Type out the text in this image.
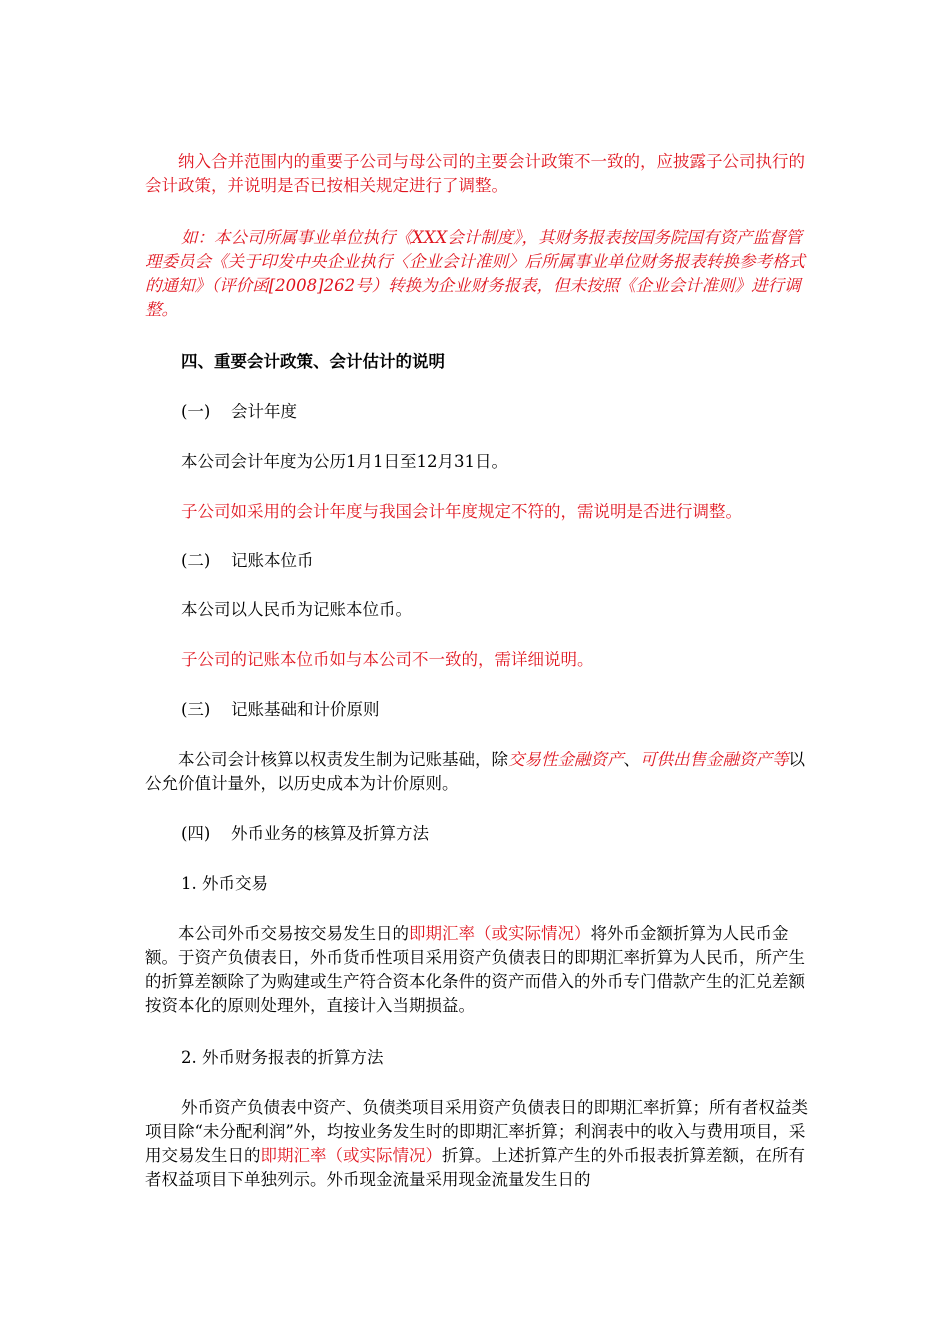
纳入合并范围内的重要子公司与母公司的主要会计政策不一致的，应披露子公司执行的会计政策，并说明是否已按相关规定进行了调整。

如：本公司所属事业单位执行《XXX会计制度》，其财务报表按国务院国有资产监督管理委员会《关于印发中央企业执行〈企业会计准则〉后所属事业单位财务报表转换参考格式的通知》（评价函[2008]262号）转换为企业财务报表，但未按照《企业会计准则》进行调整。

四、重要会计政策、会计估计的说明

(一) 会计年度

本公司会计年度为公历1月1日至12月31日。

子公司如采用的会计年度与我国会计年度规定不符的，需说明是否进行调整。

(二) 记账本位币

本公司以人民币为记账本位币。

子公司的记账本位币如与本公司不一致的，需详细说明。

(三) 记账基础和计价原则

本公司会计核算以权责发生制为记账基础，除交易性金融资产、可供出售金融资产等以公允价值计量外，以历史成本为计价原则。

(四) 外币业务的核算及折算方法

1. 外币交易

本公司外币交易按交易发生日的即期汇率（或实际情况）将外币金额折算为人民币金额。于资产负债表日，外币货币性项目采用资产负债表日的即期汇率折算为人民币，所产生的折算差额除了为购建或生产符合资本化条件的资产而借入的外币专门借款产生的汇兑差额按资本化的原则处理外，直接计入当期损益。

2. 外币财务报表的折算方法

外币资产负债表中资产、负债类项目采用资产负债表日的即期汇率折算；所有者权益类项目除“未分配利润”外，均按业务发生时的即期汇率折算；利润表中的收入与费用项目，采用交易发生日的即期汇率（或实际情况）折算。上述折算产生的外币报表折算差额，在所有者权益项目下单独列示。外币现金流量采用现金流量发生日的
